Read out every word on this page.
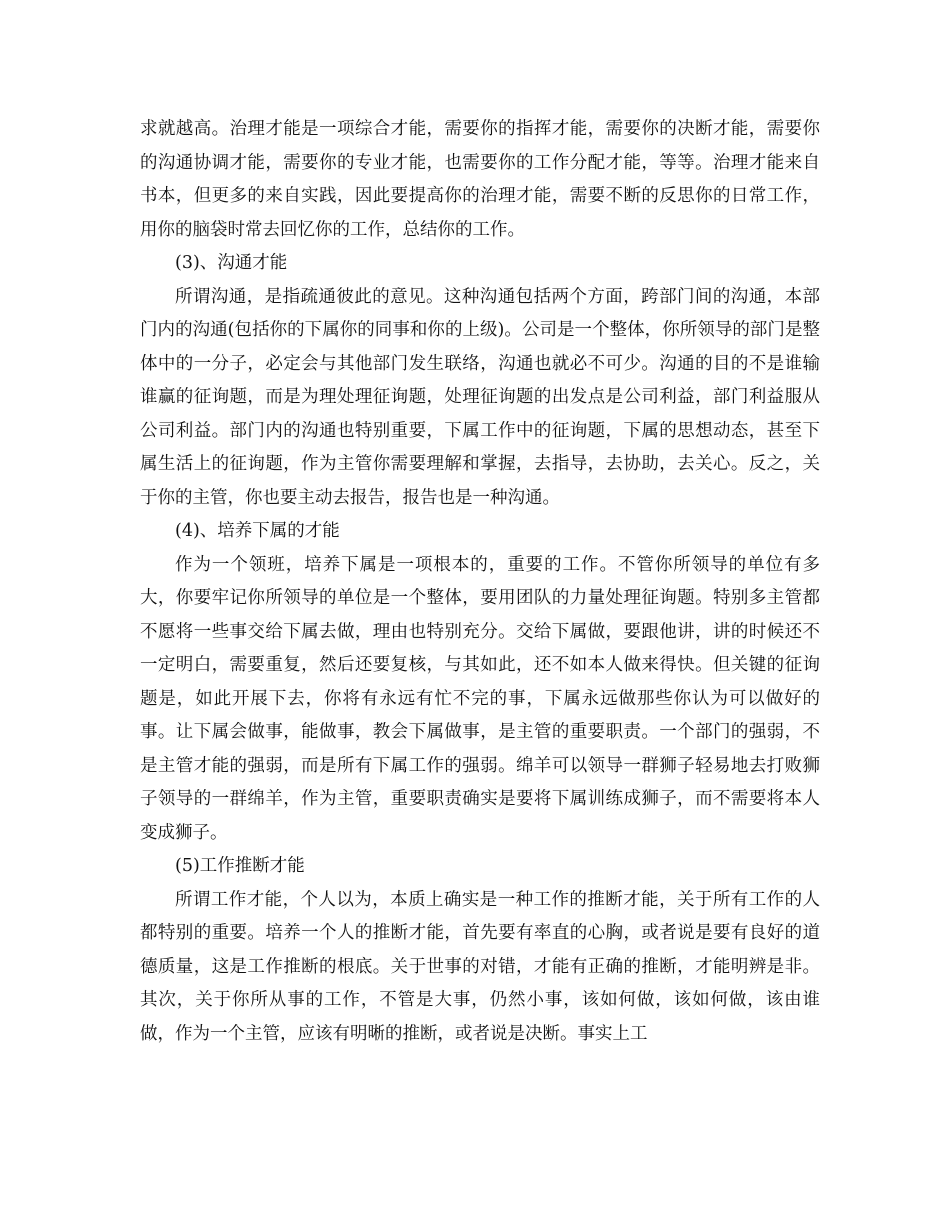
求就越高。治理才能是一项综合才能，需要你的指挥才能，需要你的决断才能，需要你的沟通协调才能，需要你的专业才能，也需要你的工作分配才能，等等。治理才能来自书本，但更多的来自实践，因此要提高你的治理才能，需要不断的反思你的日常工作，用你的脑袋时常去回忆你的工作，总结你的工作。

(3)、沟通才能

所谓沟通，是指疏通彼此的意见。这种沟通包括两个方面，跨部门间的沟通，本部门内的沟通(包括你的下属你的同事和你的上级)。公司是一个整体，你所领导的部门是整体中的一分子，必定会与其他部门发生联络，沟通也就必不可少。沟通的目的不是谁输谁赢的征询题，而是为理处理征询题，处理征询题的出发点是公司利益，部门利益服从公司利益。部门内的沟通也特别重要，下属工作中的征询题，下属的思想动态，甚至下属生活上的征询题，作为主管你需要理解和掌握，去指导，去协助，去关心。反之，关于你的主管，你也要主动去报告，报告也是一种沟通。

(4)、培养下属的才能

作为一个领班，培养下属是一项根本的，重要的工作。不管你所领导的单位有多大，你要牢记你所领导的单位是一个整体，要用团队的力量处理征询题。特别多主管都不愿将一些事交给下属去做，理由也特别充分。交给下属做，要跟他讲，讲的时候还不一定明白，需要重复，然后还要复核，与其如此，还不如本人做来得快。但关键的征询题是，如此开展下去，你将有永远有忙不完的事，下属永远做那些你认为可以做好的事。让下属会做事，能做事，教会下属做事，是主管的重要职责。一个部门的强弱，不是主管才能的强弱，而是所有下属工作的强弱。绵羊可以领导一群狮子轻易地去打败狮子领导的一群绵羊，作为主管，重要职责确实是要将下属训练成狮子，而不需要将本人变成狮子。

(5)工作推断才能

所谓工作才能，个人以为，本质上确实是一种工作的推断才能，关于所有工作的人都特别的重要。培养一个人的推断才能，首先要有率直的心胸，或者说是要有良好的道德质量，这是工作推断的根底。关于世事的对错，才能有正确的推断，才能明辨是非。其次，关于你所从事的工作，不管是大事，仍然小事，该如何做，该如何做，该由谁做，作为一个主管，应该有明晰的推断，或者说是决断。事实上工
